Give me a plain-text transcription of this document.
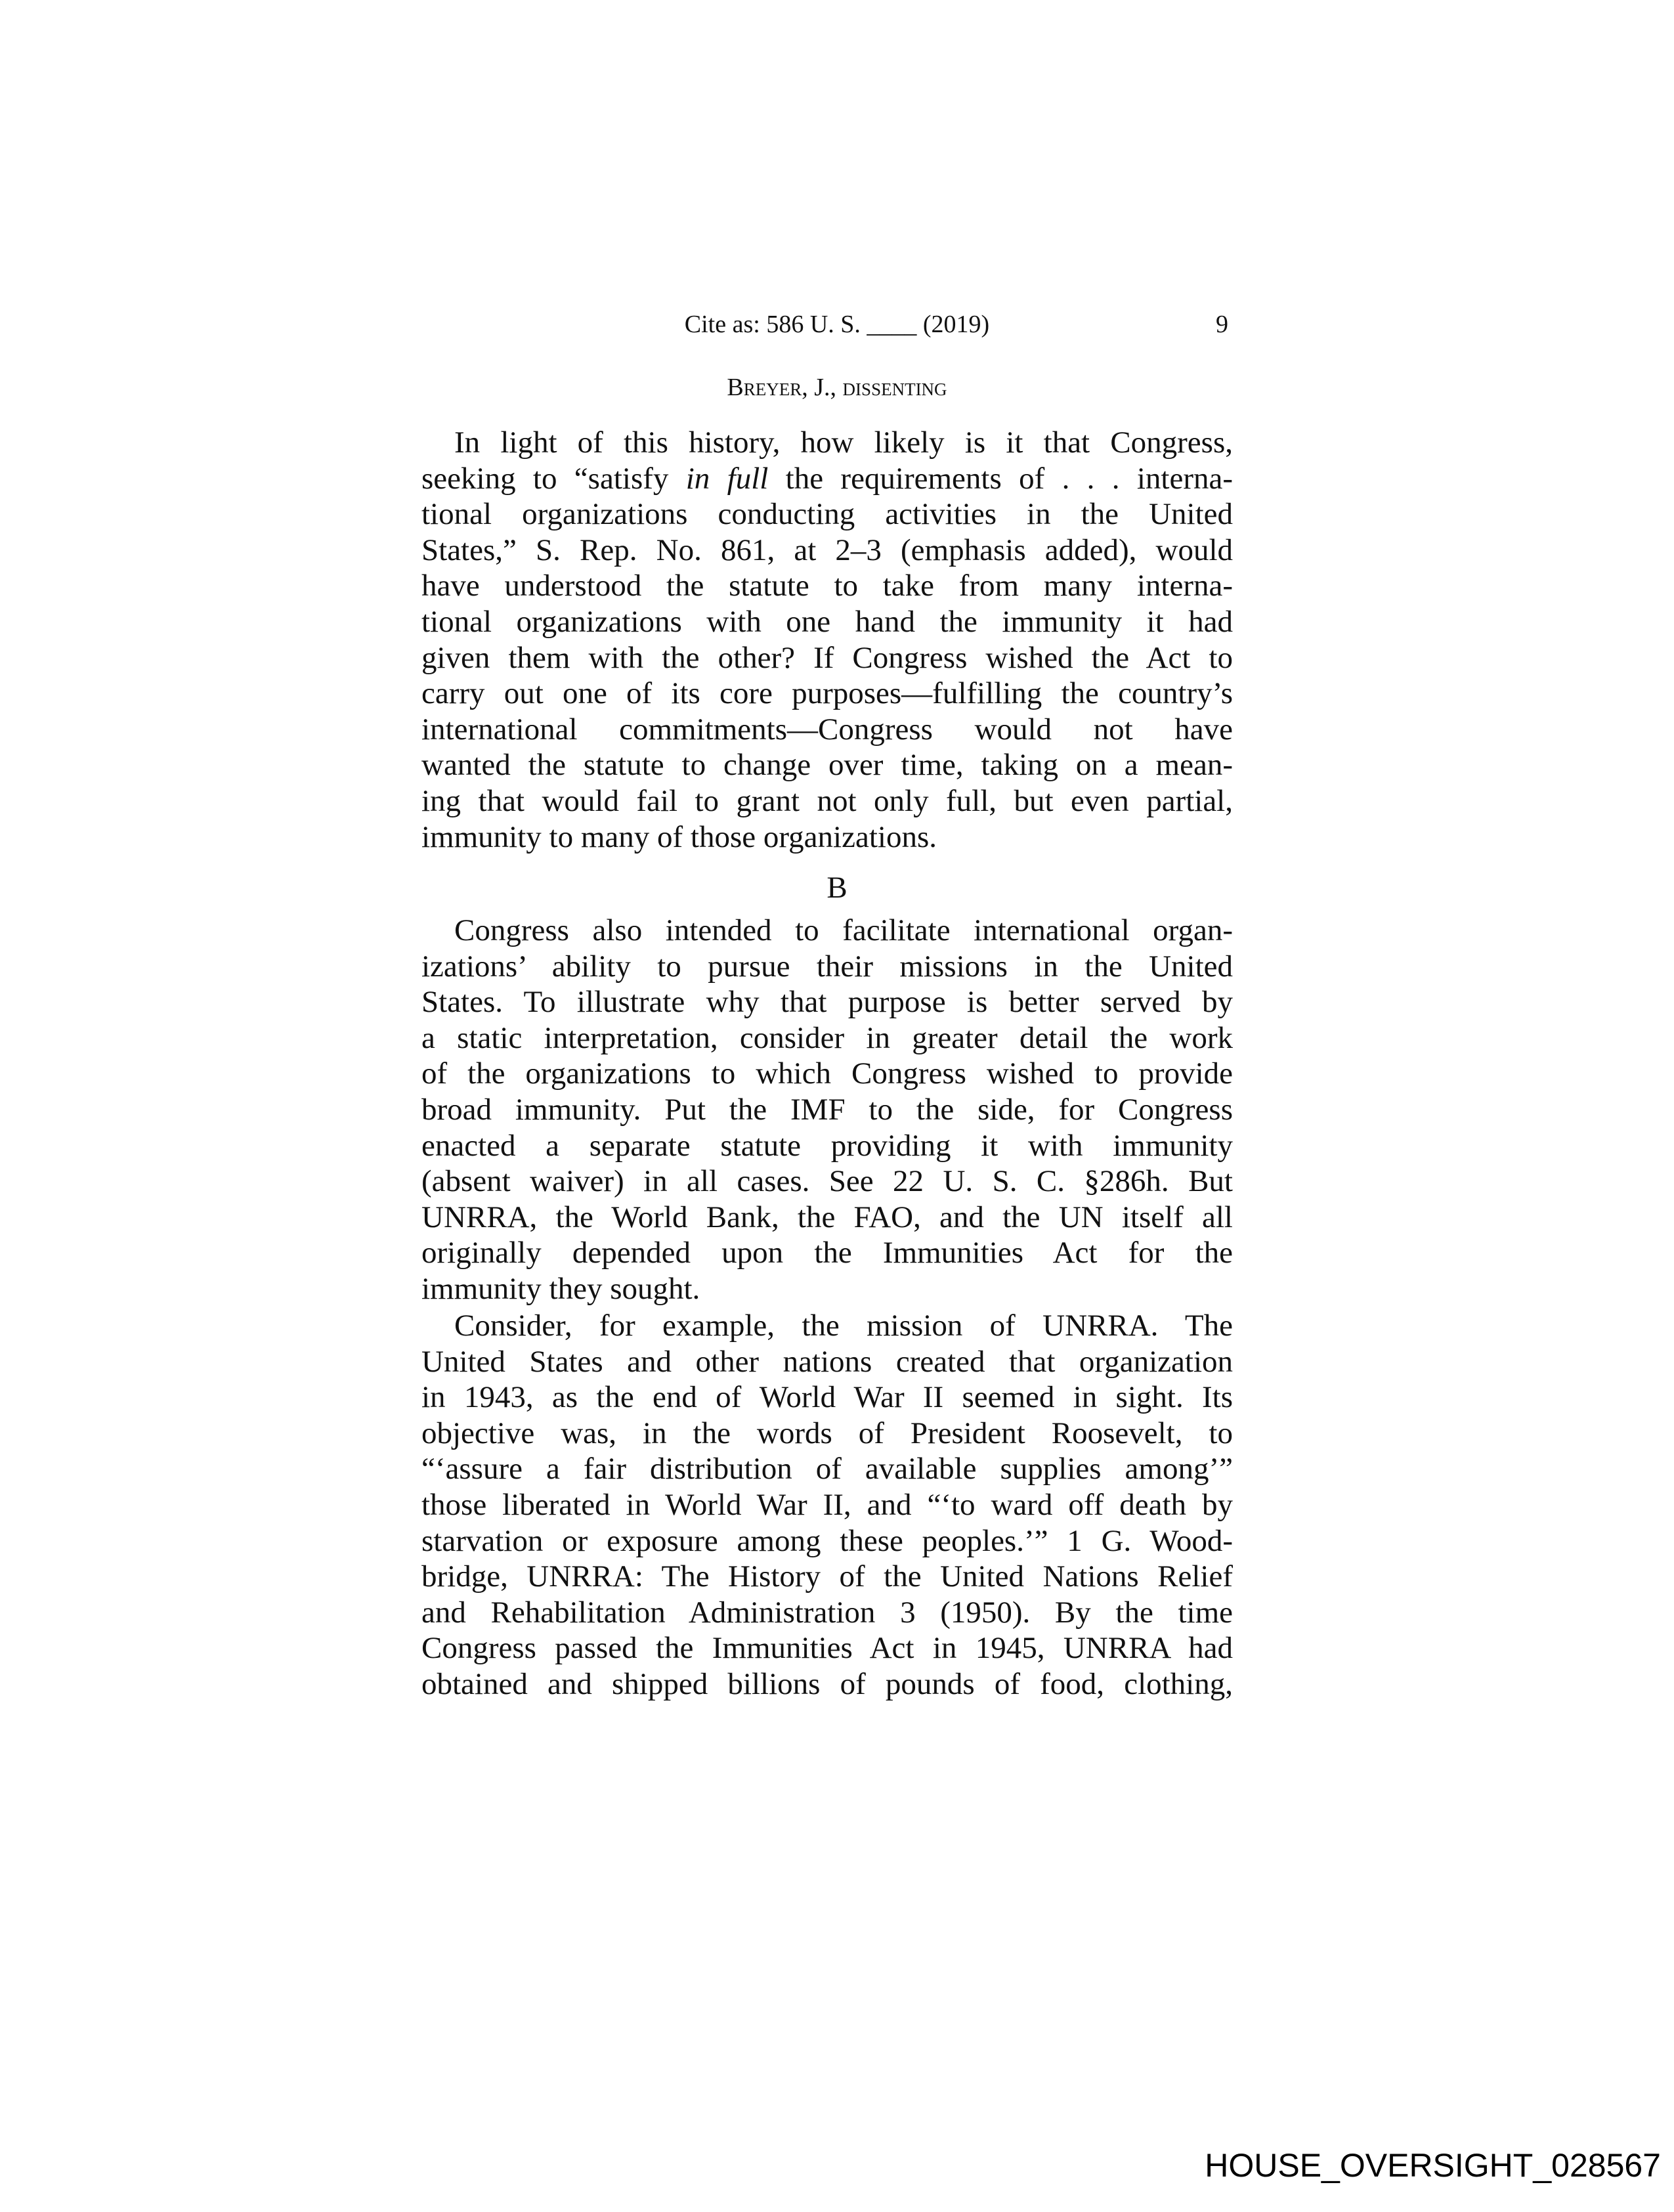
Cite as: 586 U. S. ____ (2019)	9
Breyer, J., dissenting
In light of this history, how likely is it that Congress,
seeking to “satisfy in full the requirements of . . . interna-
tional organizations conducting activities in the United
States,” S. Rep. No. 861, at 2–3 (emphasis added), would
have understood the statute to take from many interna-
tional organizations with one hand the immunity it had
given them with the other? If Congress wished the Act to
carry out one of its core purposes—fulfilling the country’s
international commitments—Congress would not have
wanted the statute to change over time, taking on a mean-
ing that would fail to grant not only full, but even partial,
immunity to many of those organizations.
B
Congress also intended to facilitate international organ-
izations’ ability to pursue their missions in the United
States. To illustrate why that purpose is better served by
a static interpretation, consider in greater detail the work
of the organizations to which Congress wished to provide
broad immunity. Put the IMF to the side, for Congress
enacted a separate statute providing it with immunity
(absent waiver) in all cases. See 22 U. S. C. §286h. But
UNRRA, the World Bank, the FAO, and the UN itself all
originally depended upon the Immunities Act for the
immunity they sought.
Consider, for example, the mission of UNRRA. The
United States and other nations created that organization
in 1943, as the end of World War II seemed in sight. Its
objective was, in the words of President Roosevelt, to
“‘assure a fair distribution of available supplies among’”
those liberated in World War II, and “‘to ward off death by
starvation or exposure among these peoples.’” 1 G. Wood-
bridge, UNRRA: The History of the United Nations Relief
and Rehabilitation Administration 3 (1950). By the time
Congress passed the Immunities Act in 1945, UNRRA had
obtained and shipped billions of pounds of food, clothing,
HOUSE_OVERSIGHT_028567
